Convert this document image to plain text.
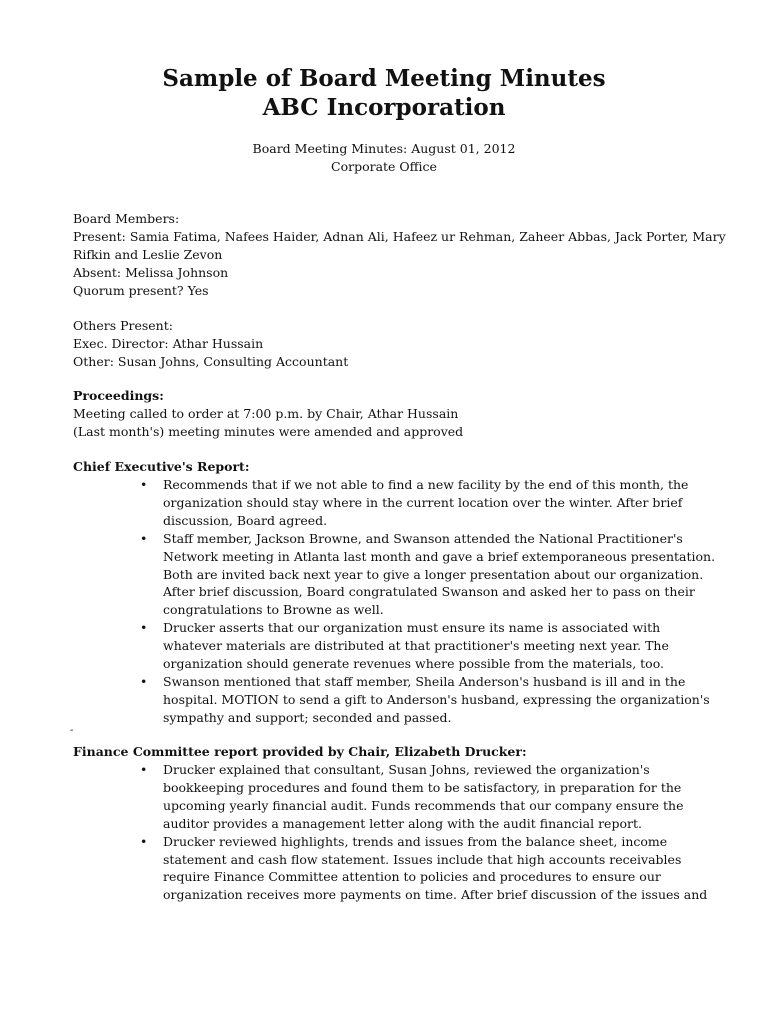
Sample of Board Meeting Minutes
ABC Incorporation
Board Meeting Minutes: August 01, 2012
Corporate Office
Board Members:
Present: Samia Fatima, Nafees Haider, Adnan Ali, Hafeez ur Rehman, Zaheer Abbas, Jack Porter, Mary
Rifkin and Leslie Zevon
Absent: Melissa Johnson
Quorum present? Yes
Others Present:
Exec. Director: Athar Hussain
Other: Susan Johns, Consulting Accountant
Proceedings:
Meeting called to order at 7:00 p.m. by Chair, Athar Hussain
(Last month's) meeting minutes were amended and approved
Chief Executive's Report:
• Recommends that if we not able to find a new facility by the end of this month, the
organization should stay where in the current location over the winter. After brief
discussion, Board agreed.
• Staff member, Jackson Browne, and Swanson attended the National Practitioner's
Network meeting in Atlanta last month and gave a brief extemporaneous presentation.
Both are invited back next year to give a longer presentation about our organization.
After brief discussion, Board congratulated Swanson and asked her to pass on their
congratulations to Browne as well.
• Drucker asserts that our organization must ensure its name is associated with
whatever materials are distributed at that practitioner's meeting next year. The
organization should generate revenues where possible from the materials, too.
• Swanson mentioned that staff member, Sheila Anderson's husband is ill and in the
hospital. MOTION to send a gift to Anderson's husband, expressing the organization's
sympathy and support; seconded and passed.
-
Finance Committee report provided by Chair, Elizabeth Drucker:
• Drucker explained that consultant, Susan Johns, reviewed the organization's
bookkeeping procedures and found them to be satisfactory, in preparation for the
upcoming yearly financial audit. Funds recommends that our company ensure the
auditor provides a management letter along with the audit financial report.
• Drucker reviewed highlights, trends and issues from the balance sheet, income
statement and cash flow statement. Issues include that high accounts receivables
require Finance Committee attention to policies and procedures to ensure our
organization receives more payments on time. After brief discussion of the issues and
